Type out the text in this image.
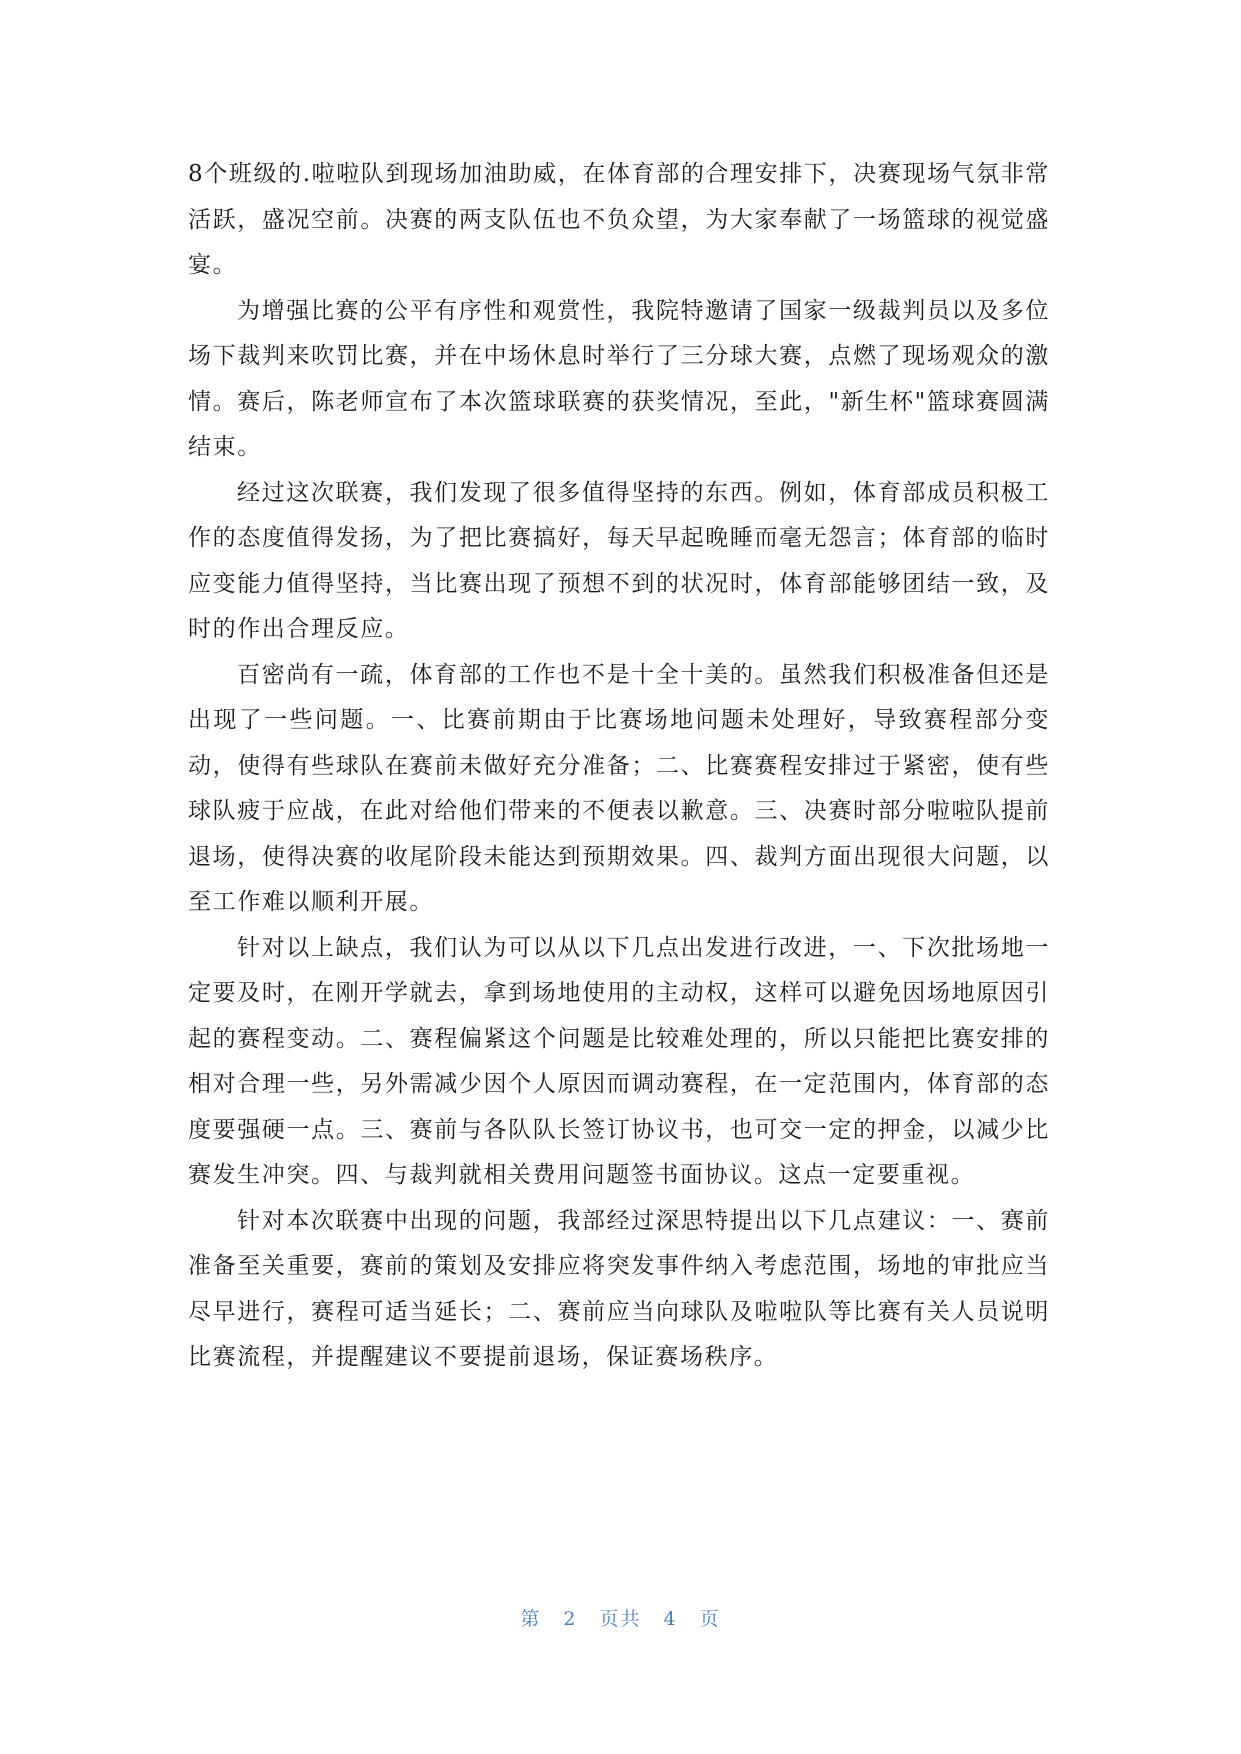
8个班级的.啦啦队到现场加油助威，在体育部的合理安排下，决赛现场气氛非常活跃，盛况空前。决赛的两支队伍也不负众望，为大家奉献了一场篮球的视觉盛宴。

为增强比赛的公平有序性和观赏性，我院特邀请了国家一级裁判员以及多位场下裁判来吹罚比赛，并在中场休息时举行了三分球大赛，点燃了现场观众的激情。赛后，陈老师宣布了本次篮球联赛的获奖情况，至此，"新生杯"篮球赛圆满结束。

经过这次联赛，我们发现了很多值得坚持的东西。例如，体育部成员积极工作的态度值得发扬，为了把比赛搞好，每天早起晚睡而毫无怨言；体育部的临时应变能力值得坚持，当比赛出现了预想不到的状况时，体育部能够团结一致，及时的作出合理反应。

百密尚有一疏，体育部的工作也不是十全十美的。虽然我们积极准备但还是出现了一些问题。一、比赛前期由于比赛场地问题未处理好，导致赛程部分变动，使得有些球队在赛前未做好充分准备；二、比赛赛程安排过于紧密，使有些球队疲于应战，在此对给他们带来的不便表以歉意。三、决赛时部分啦啦队提前退场，使得决赛的收尾阶段未能达到预期效果。四、裁判方面出现很大问题，以至工作难以顺利开展。

针对以上缺点，我们认为可以从以下几点出发进行改进，一、下次批场地一定要及时，在刚开学就去，拿到场地使用的主动权，这样可以避免因场地原因引起的赛程变动。二、赛程偏紧这个问题是比较难处理的，所以只能把比赛安排的相对合理一些，另外需减少因个人原因而调动赛程，在一定范围内，体育部的态度要强硬一点。三、赛前与各队队长签订协议书，也可交一定的押金，以减少比赛发生冲突。四、与裁判就相关费用问题签书面协议。这点一定要重视。

针对本次联赛中出现的问题，我部经过深思特提出以下几点建议：一、赛前准备至关重要，赛前的策划及安排应将突发事件纳入考虑范围，场地的审批应当尽早进行，赛程可适当延长；二、赛前应当向球队及啦啦队等比赛有关人员说明比赛流程，并提醒建议不要提前退场，保证赛场秩序。

第 2 页共 4 页
